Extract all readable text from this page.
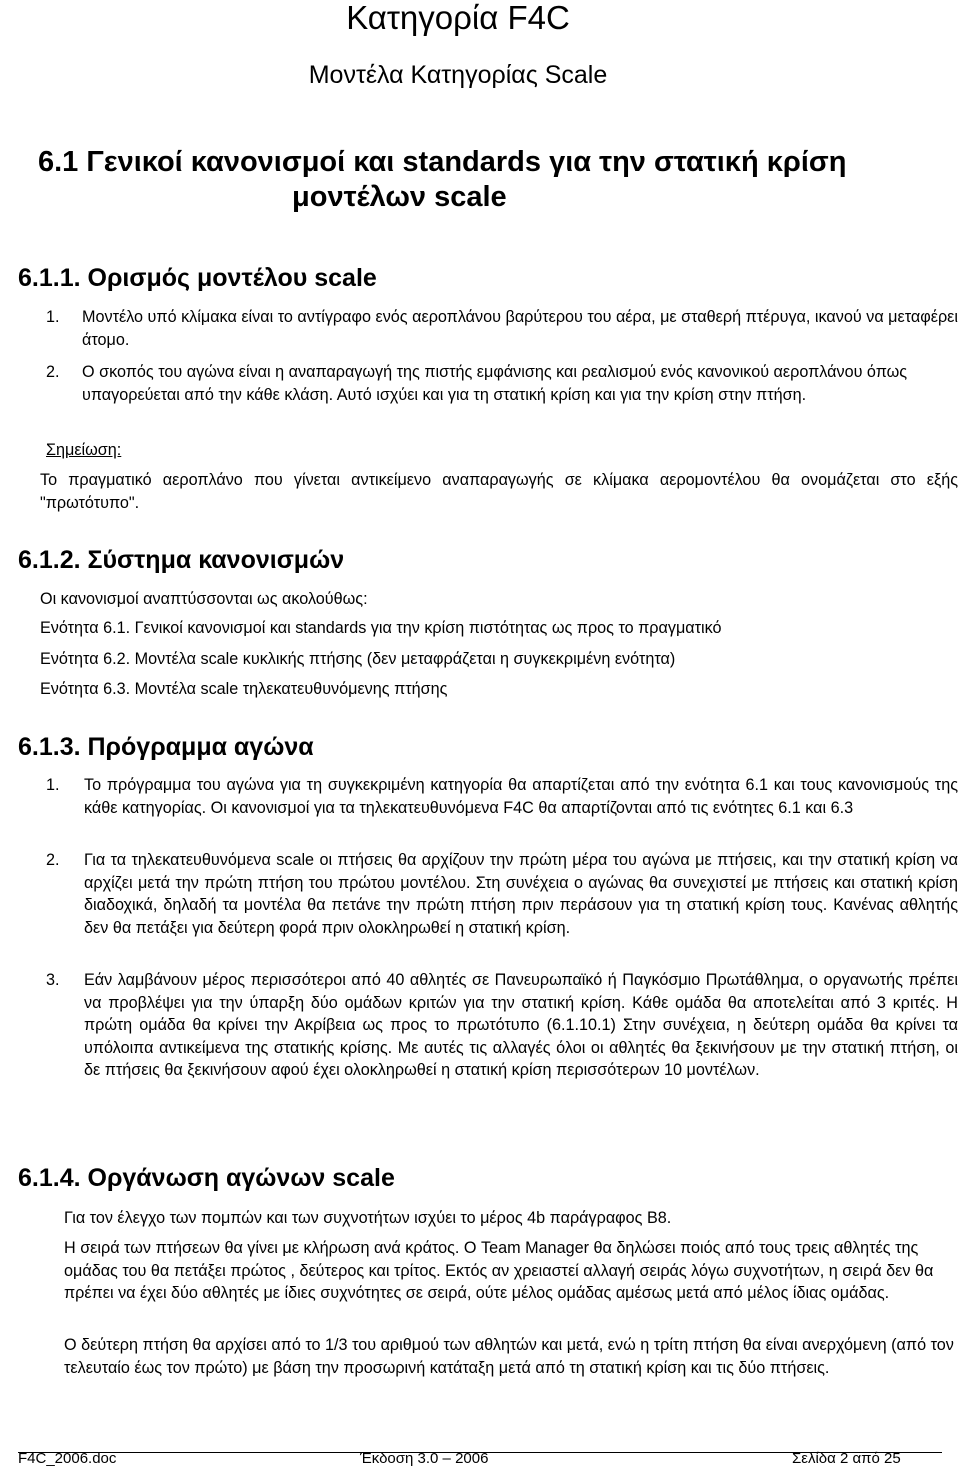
Κατηγορία F4C
Μοντέλα Κατηγορίας Scale
6.1 Γενικοί κανονισμοί και standards για την στατική κρίση
μοντέλων scale
6.1.1. Ορισμός μοντέλου scale
1. Μοντέλο υπό κλίμακα είναι το αντίγραφο ενός αεροπλάνου βαρύτερου του αέρα, με σταθερή πτέρυγα, ικανού να μεταφέρει άτομο.
2. Ο σκοπός του αγώνα είναι η αναπαραγωγή της πιστής εμφάνισης και ρεαλισμού ενός κανονικού αεροπλάνου όπως υπαγορεύεται από την κάθε κλάση. Αυτό ισχύει και για τη στατική κρίση και για την κρίση στην πτήση.
Σημείωση:
Το πραγματικό αεροπλάνο που γίνεται αντικείμενο αναπαραγωγής σε κλίμακα αερομοντέλου θα ονομάζεται στο εξής "πρωτότυπο".
6.1.2. Σύστημα κανονισμών
Οι κανονισμοί αναπτύσσονται ως ακολούθως:
Ενότητα 6.1. Γενικοί κανονισμοί και standards για την κρίση πιστότητας ως προς το πραγματικό
Ενότητα 6.2. Μοντέλα scale κυκλικής πτήσης (δεν μεταφράζεται η συγκεκριμένη ενότητα)
Ενότητα 6.3. Μοντέλα scale τηλεκατευθυνόμενης πτήσης
6.1.3. Πρόγραμμα αγώνα
1. Το πρόγραμμα του αγώνα για τη συγκεκριμένη κατηγορία θα απαρτίζεται από την ενότητα 6.1 και τους κανονισμούς της κάθε κατηγορίας. Οι κανονισμοί για τα τηλεκατευθυνόμενα F4C θα απαρτίζονται από τις ενότητες 6.1 και 6.3
2. Για τα τηλεκατευθυνόμενα scale οι πτήσεις θα αρχίζουν την πρώτη μέρα του αγώνα με πτήσεις, και την στατική κρίση να αρχίζει μετά την πρώτη πτήση του πρώτου μοντέλου. Στη συνέχεια ο αγώνας θα συνεχιστεί με πτήσεις και στατική κρίση διαδοχικά, δηλαδή τα μοντέλα θα πετάνε την πρώτη πτήση πριν περάσουν για τη στατική κρίση τους. Κανένας αθλητής δεν θα πετάξει για δεύτερη φορά πριν ολοκληρωθεί η στατική κρίση.
3. Εάν λαμβάνουν μέρος περισσότεροι από 40 αθλητές σε Πανευρωπαϊκό ή Παγκόσμιο Πρωτάθλημα, ο οργανωτής πρέπει να προβλέψει για την ύπαρξη δύο ομάδων κριτών για την στατική κρίση. Κάθε ομάδα θα αποτελείται από 3 κριτές. Η πρώτη ομάδα θα κρίνει την Ακρίβεια ως προς το πρωτότυπο (6.1.10.1) Στην συνέχεια, η δεύτερη ομάδα θα κρίνει τα υπόλοιπα αντικείμενα της στατικής κρίσης. Με αυτές τις αλλαγές όλοι οι αθλητές θα ξεκινήσουν με την στατική πτήση, οι δε πτήσεις θα ξεκινήσουν αφού έχει ολοκληρωθεί η στατική κρίση περισσότερων 10 μοντέλων.
6.1.4. Οργάνωση αγώνων scale
Για τον έλεγχο των πομπών και των συχνοτήτων ισχύει το μέρος 4b παράγραφος B8.
Η σειρά των πτήσεων θα γίνει με κλήρωση ανά κράτος. Ο Team Manager θα δηλώσει ποιός από τους τρεις αθλητές της ομάδας του θα πετάξει πρώτος , δεύτερος και τρίτος. Εκτός αν χρειαστεί αλλαγή σειράς λόγω συχνοτήτων, η σειρά δεν θα πρέπει να έχει δύο αθλητές με ίδιες συχνότητες σε σειρά, ούτε μέλος ομάδας αμέσως μετά από μέλος ίδιας ομάδας.
Ο δεύτερη πτήση θα αρχίσει από το 1/3 του αριθμού των αθλητών και μετά, ενώ η τρίτη πτήση θα είναι ανερχόμενη (από τον τελευταίο έως τον πρώτο) με βάση την προσωρινή κατάταξη μετά από τη στατική κρίση και τις δύο πτήσεις.
F4C_2006.doc	Έκδοση 3.0 – 2006	Σελίδα 2 από 25
